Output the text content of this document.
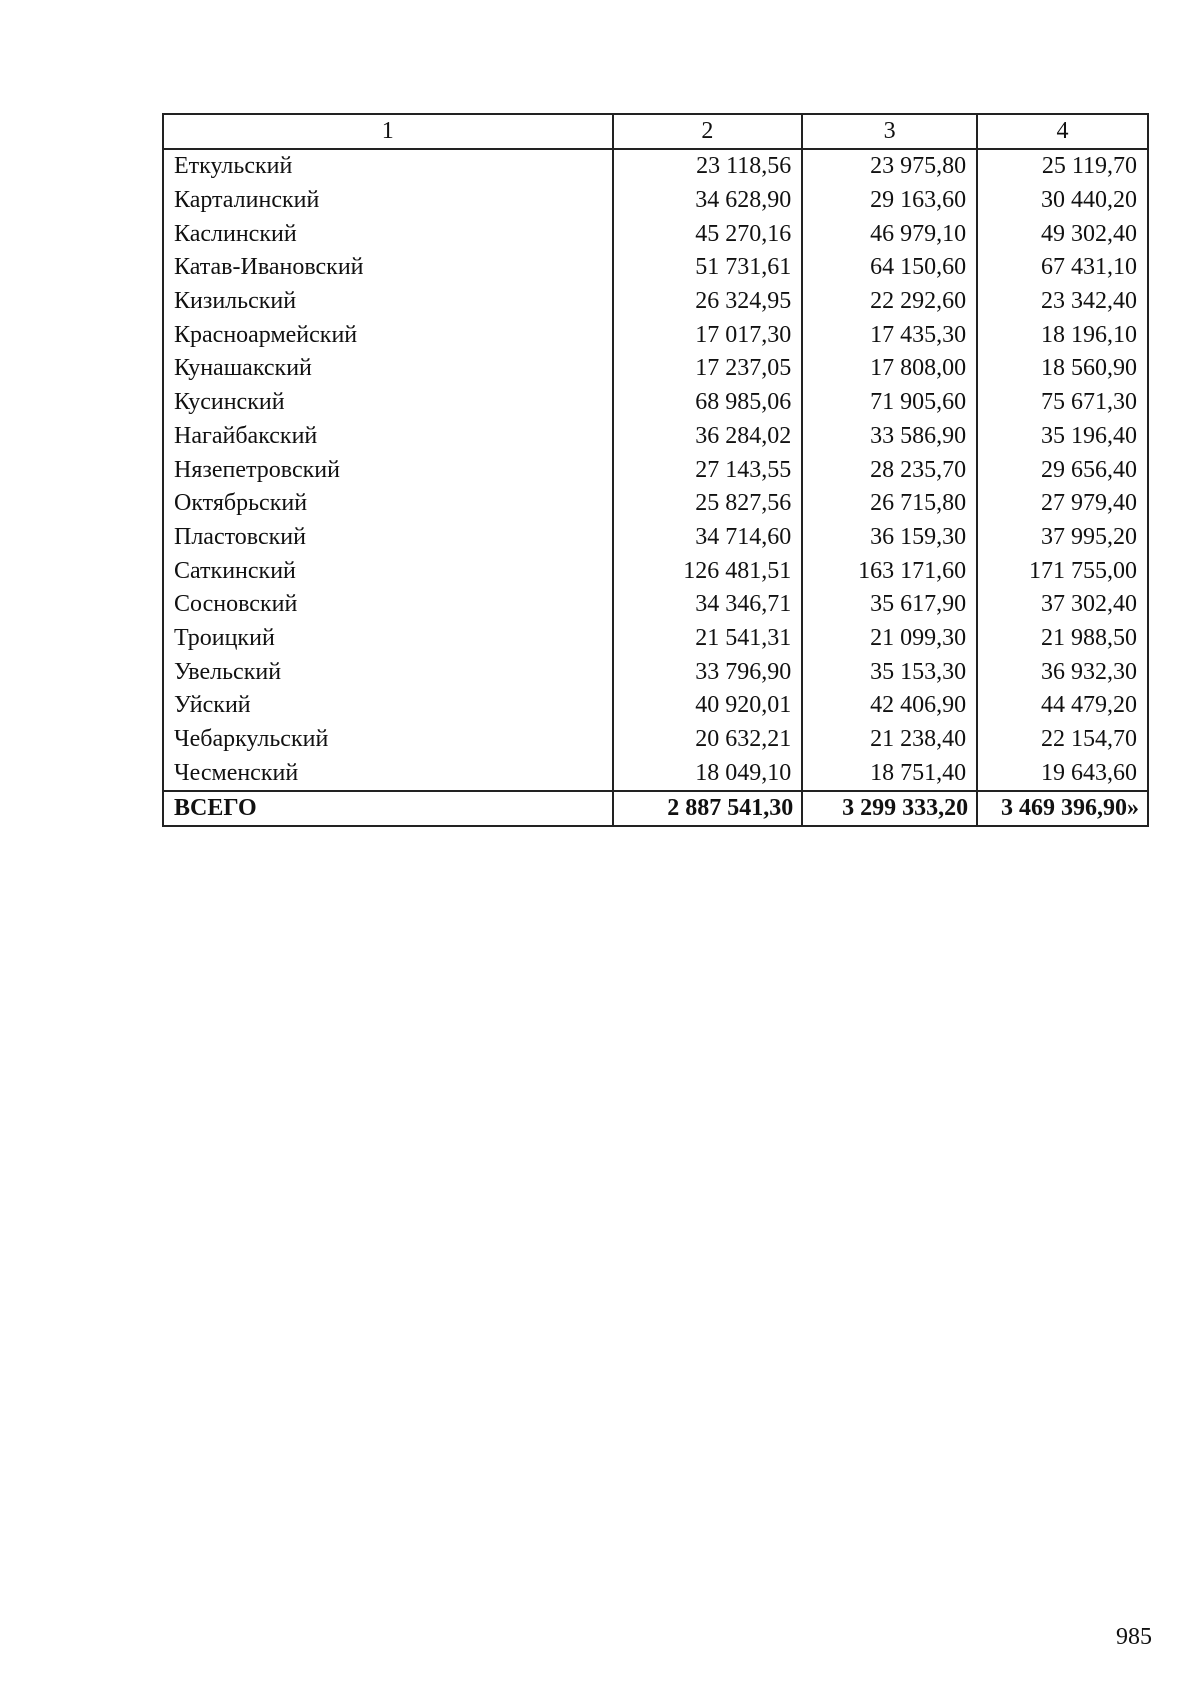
1	2	3	4
Еткульский	23 118,56	23 975,80	25 119,70
Карталинский	34 628,90	29 163,60	30 440,20
Каслинский	45 270,16	46 979,10	49 302,40
Катав-Ивановский	51 731,61	64 150,60	67 431,10
Кизильский	26 324,95	22 292,60	23 342,40
Красноармейский	17 017,30	17 435,30	18 196,10
Кунашакский	17 237,05	17 808,00	18 560,90
Кусинский	68 985,06	71 905,60	75 671,30
Нагайбакский	36 284,02	33 586,90	35 196,40
Нязепетровский	27 143,55	28 235,70	29 656,40
Октябрьский	25 827,56	26 715,80	27 979,40
Пластовский	34 714,60	36 159,30	37 995,20
Саткинский	126 481,51	163 171,60	171 755,00
Сосновский	34 346,71	35 617,90	37 302,40
Троицкий	21 541,31	21 099,30	21 988,50
Увельский	33 796,90	35 153,30	36 932,30
Уйский	40 920,01	42 406,90	44 479,20
Чебаркульский	20 632,21	21 238,40	22 154,70
Чесменский	18 049,10	18 751,40	19 643,60
ВСЕГО	2 887 541,30	3 299 333,20	3 469 396,90»
985
